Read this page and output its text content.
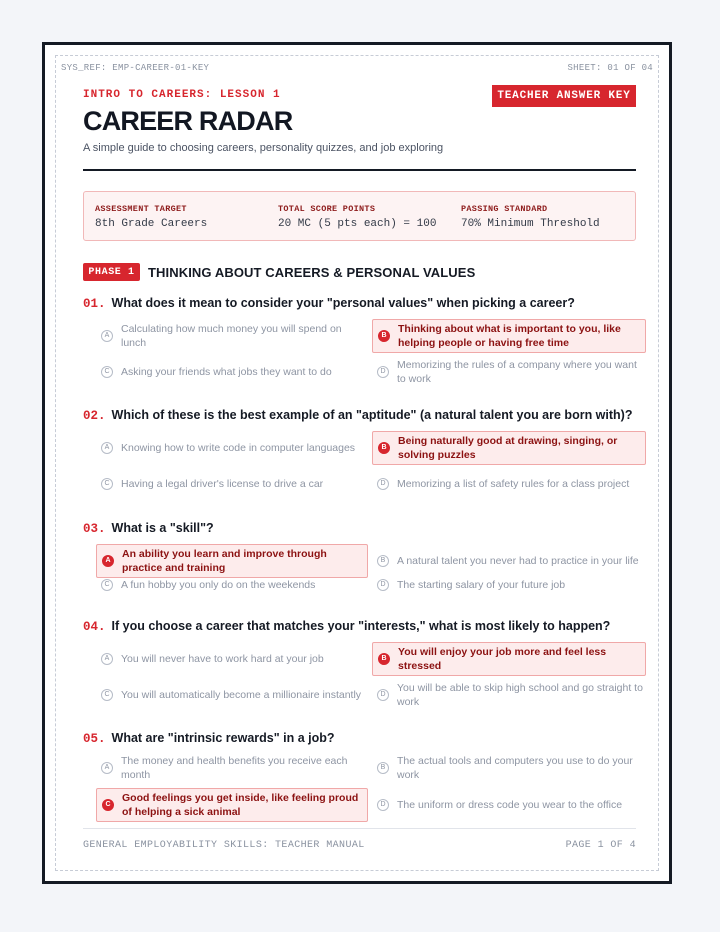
SYS_REF: EMP-CAREER-01-KEY	SHEET: 01 OF 04
INTRO TO CAREERS: LESSON 1	TEACHER ANSWER KEY
CAREER RADAR
A simple guide to choosing careers, personality quizzes, and job exploring
ASSESSMENT TARGET
8th Grade Careers
TOTAL SCORE POINTS
20 MC (5 pts each) = 100
PASSING STANDARD
70% Minimum Threshold
PHASE 1	THINKING ABOUT CAREERS & PERSONAL VALUES
01. What does it mean to consider your "personal values" when picking a career?
A
Calculating how much money you will spend on lunch
B
Thinking about what is important to you, like helping people or having free time
C	Asking your friends what jobs they want to do	D
Memorizing the rules of a company where you want to work
02. Which of these is the best example of an "aptitude" (a natural talent you are born with)?
A	Knowing how to write code in computer languages	B
Being naturally good at drawing, singing, or solving puzzles
C	Having a legal driver's license to drive a car	D	Memorizing a list of safety rules for a class project
03. What is a "skill"?
A
An ability you learn and improve through practice and training
B	A natural talent you never had to practice in your life
C	A fun hobby you only do on the weekends	D	The starting salary of your future job
04. If you choose a career that matches your "interests," what is most likely to happen?
A	You will never have to work hard at your job	B
You will enjoy your job more and feel less stressed
C	You will automatically become a millionaire instantly	D
You will be able to skip high school and go straight to work
05. What are "intrinsic rewards" in a job?
A
The money and health benefits you receive each month
B
The actual tools and computers you use to do your work
C
Good feelings you get inside, like feeling proud of helping a sick animal
D	The uniform or dress code you wear to the office
GENERAL EMPLOYABILITY SKILLS: TEACHER MANUAL	PAGE 1 OF 4
